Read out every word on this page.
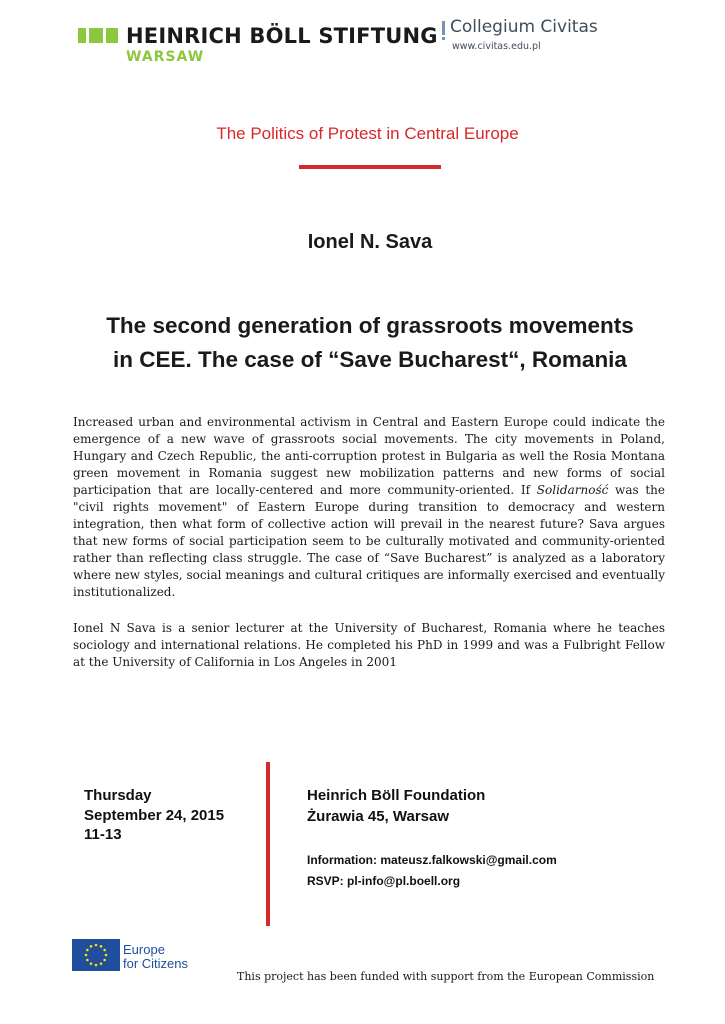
HEINRICH BÖLL STIFTUNG
WARSAW
Collegium Civitas
www.civitas.edu.pl
The Politics of Protest in Central Europe
Ionel N. Sava
The second generation of grassroots movements
in CEE. The case of “Save Bucharest“, Romania
Increased urban and environmental activism in Central and Eastern Europe could indicate the emergence of a new wave of grassroots social movements. The city movements in Poland, Hungary and Czech Republic, the anti-corruption protest in Bulgaria as well the Rosia Montana green movement in Romania suggest new mobilization patterns and new forms of social participation that are locally-centered and more community-oriented. If Solidarność was the "civil rights movement" of Eastern Europe during transition to democracy and western integration, then what form of collective action will prevail in the nearest future? Sava argues that new forms of social participation seem to be culturally motivated and community-oriented rather than reflecting class struggle. The case of “Save Bucharest” is analyzed as a laboratory where new styles, social meanings and cultural critiques are informally exercised and eventually institutionalized.
Ionel N Sava is a senior lecturer at the University of Bucharest, Romania where he teaches sociology and international relations. He completed his PhD in 1999 and was a Fulbright Fellow at the University of California in Los Angeles in 2001
Thursday
September 24, 2015
11-13
Heinrich Böll Foundation
Żurawia 45, Warsaw
Information: mateusz.falkowski@gmail.com
RSVP: pl-info@pl.boell.org
Europe
for Citizens
This project has been funded with support from the European Commission
